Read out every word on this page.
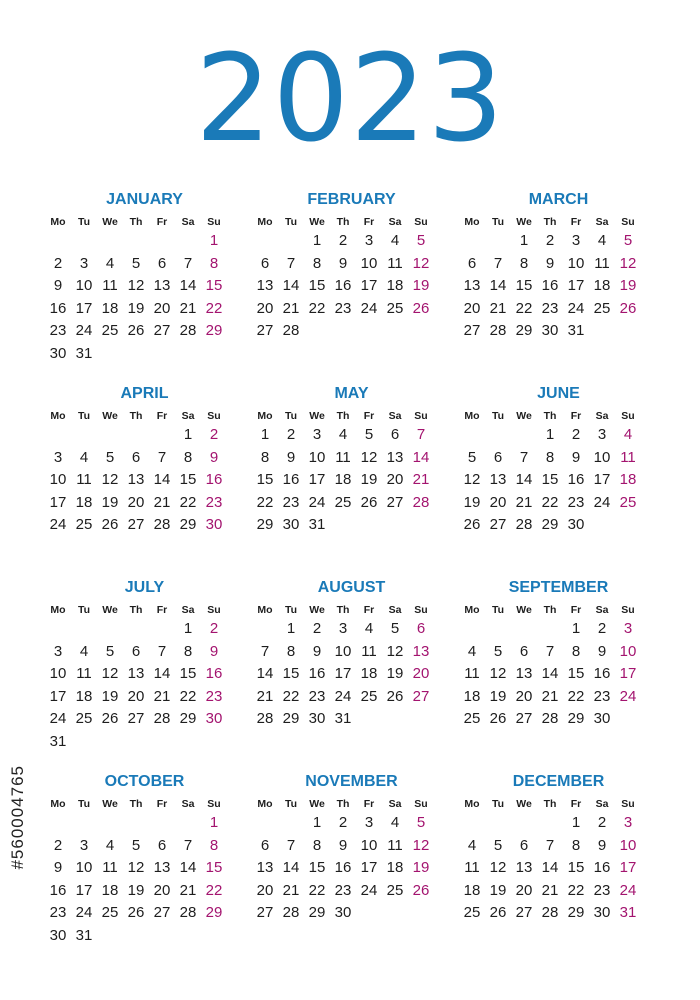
2023
JANUARY
Mo	Tu	We	Th	Fr	Sa	Su
						1
2	3	4	5	6	7	8
9	10	11	12	13	14	15
16	17	18	19	20	21	22
23	24	25	26	27	28	29
30	31					
FEBRUARY
Mo	Tu	We	Th	Fr	Sa	Su
		1	2	3	4	5
6	7	8	9	10	11	12
13	14	15	16	17	18	19
20	21	22	23	24	25	26
27	28					
MARCH
Mo	Tu	We	Th	Fr	Sa	Su
		1	2	3	4	5
6	7	8	9	10	11	12
13	14	15	16	17	18	19
20	21	22	23	24	25	26
27	28	29	30	31		
APRIL
Mo	Tu	We	Th	Fr	Sa	Su
					1	2
3	4	5	6	7	8	9
10	11	12	13	14	15	16
17	18	19	20	21	22	23
24	25	26	27	28	29	30
MAY
Mo	Tu	We	Th	Fr	Sa	Su
1	2	3	4	5	6	7
8	9	10	11	12	13	14
15	16	17	18	19	20	21
22	23	24	25	26	27	28
29	30	31				
JUNE
Mo	Tu	We	Th	Fr	Sa	Su
			1	2	3	4
5	6	7	8	9	10	11
12	13	14	15	16	17	18
19	20	21	22	23	24	25
26	27	28	29	30		
JULY
Mo	Tu	We	Th	Fr	Sa	Su
					1	2
3	4	5	6	7	8	9
10	11	12	13	14	15	16
17	18	19	20	21	22	23
24	25	26	27	28	29	30
31						
AUGUST
Mo	Tu	We	Th	Fr	Sa	Su
	1	2	3	4	5	6
7	8	9	10	11	12	13
14	15	16	17	18	19	20
21	22	23	24	25	26	27
28	29	30	31			
SEPTEMBER
Mo	Tu	We	Th	Fr	Sa	Su
				1	2	3
4	5	6	7	8	9	10
11	12	13	14	15	16	17
18	19	20	21	22	23	24
25	26	27	28	29	30	
OCTOBER
Mo	Tu	We	Th	Fr	Sa	Su
						1
2	3	4	5	6	7	8
9	10	11	12	13	14	15
16	17	18	19	20	21	22
23	24	25	26	27	28	29
30	31					
NOVEMBER
Mo	Tu	We	Th	Fr	Sa	Su
		1	2	3	4	5
6	7	8	9	10	11	12
13	14	15	16	17	18	19
20	21	22	23	24	25	26
27	28	29	30			
DECEMBER
Mo	Tu	We	Th	Fr	Sa	Su
				1	2	3
4	5	6	7	8	9	10
11	12	13	14	15	16	17
18	19	20	21	22	23	24
25	26	27	28	29	30	31
#560004765
